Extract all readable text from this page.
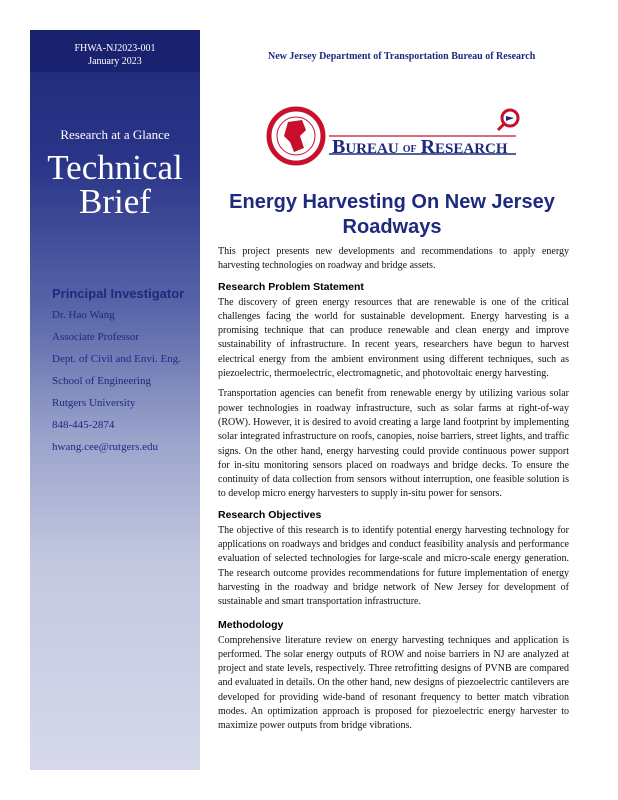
FHWA-NJ2023-001
January 2023
Research at a Glance
Technical
Brief
Principal Investigator
Dr. Hao Wang
Associate Professor
Dept. of Civil and Envi. Eng.
School of Engineering
Rutgers University
848-445-2874
hwang.cee@rutgers.edu
New Jersey Department of Transportation Bureau of Research
BUREAU OF RESEARCH
Energy Harvesting On New Jersey Roadways

This project presents new developments and recommendations to apply energy harvesting technologies on roadway and bridge assets.

Research Problem Statement

The discovery of green energy resources that are renewable is one of the critical challenges facing the world for sustainable development. Energy harvesting is a promising technique that can produce renewable and clean energy and improve sustainability of infrastructure. In recent years, researchers have begun to harvest electrical energy from the ambient environment using different techniques, such as piezoelectric, thermoelectric, electromagnetic, and photovoltaic energy harvesting.

Transportation agencies can benefit from renewable energy by utilizing various solar power technologies in roadway infrastructure, such as solar farms at right-of-way (ROW). However, it is desired to avoid creating a large land footprint by implementing solar integrated infrastructure on roofs, canopies, noise barriers, street lights, and traffic signs. On the other hand, energy harvesting could provide continuous power support for in-situ monitoring sensors placed on roadways and bridge decks. To ensure the continuity of data collection from sensors without interruption, one feasible solution is to develop micro energy harvesters to supply in-situ power for sensors.

Research Objectives

The objective of this research is to identify potential energy harvesting technology for applications on roadways and bridges and conduct feasibility analysis and performance evaluation of selected technologies for large-scale and micro-scale energy generation. The research outcome provides recommendations for future implementation of energy harvesting in the roadway and bridge network of New Jersey for development of sustainable and smart transportation infrastructure.

Methodology

Comprehensive literature review on energy harvesting techniques and application is performed. The solar energy outputs of ROW and noise barriers in NJ are analyzed at project and state levels, respectively. Three retrofitting designs of PVNB are compared and evaluated in details. On the other hand, new designs of piezoelectric cantilevers are developed for providing wide-band of resonant frequency to better match vibration modes. An optimization approach is proposed for piezoelectric energy harvester to maximize power outputs from bridge vibrations.
